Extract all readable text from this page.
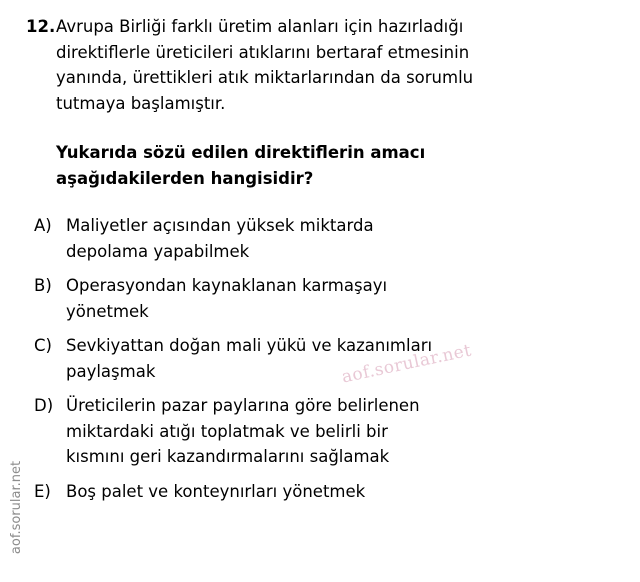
12. Avrupa Birliği farklı üretim alanları için hazırladığı

direktiflerle üreticileri atıklarını bertaraf etmesinin

yanında, ürettikleri atık miktarlarından da sorumlu

tutmaya başlamıştır.

Yukarıda sözü edilen direktiflerin amacı

aşağıdakilerden hangisidir?

A) Maliyetler açısından yüksek miktarda
depolama yapabilmek
B) Operasyondan kaynaklanan karmaşayı
yönetmek
C) Sevkiyattan doğan mali yükü ve kazanımları
paylaşmak
D) Üreticilerin pazar paylarına göre belirlenen
miktardaki atığı toplatmak ve belirli bir
kısmını geri kazandırmalarını sağlamak
E) Boş palet ve konteynırları yönetmek
aof.sorular.net
aof.sorular.net
